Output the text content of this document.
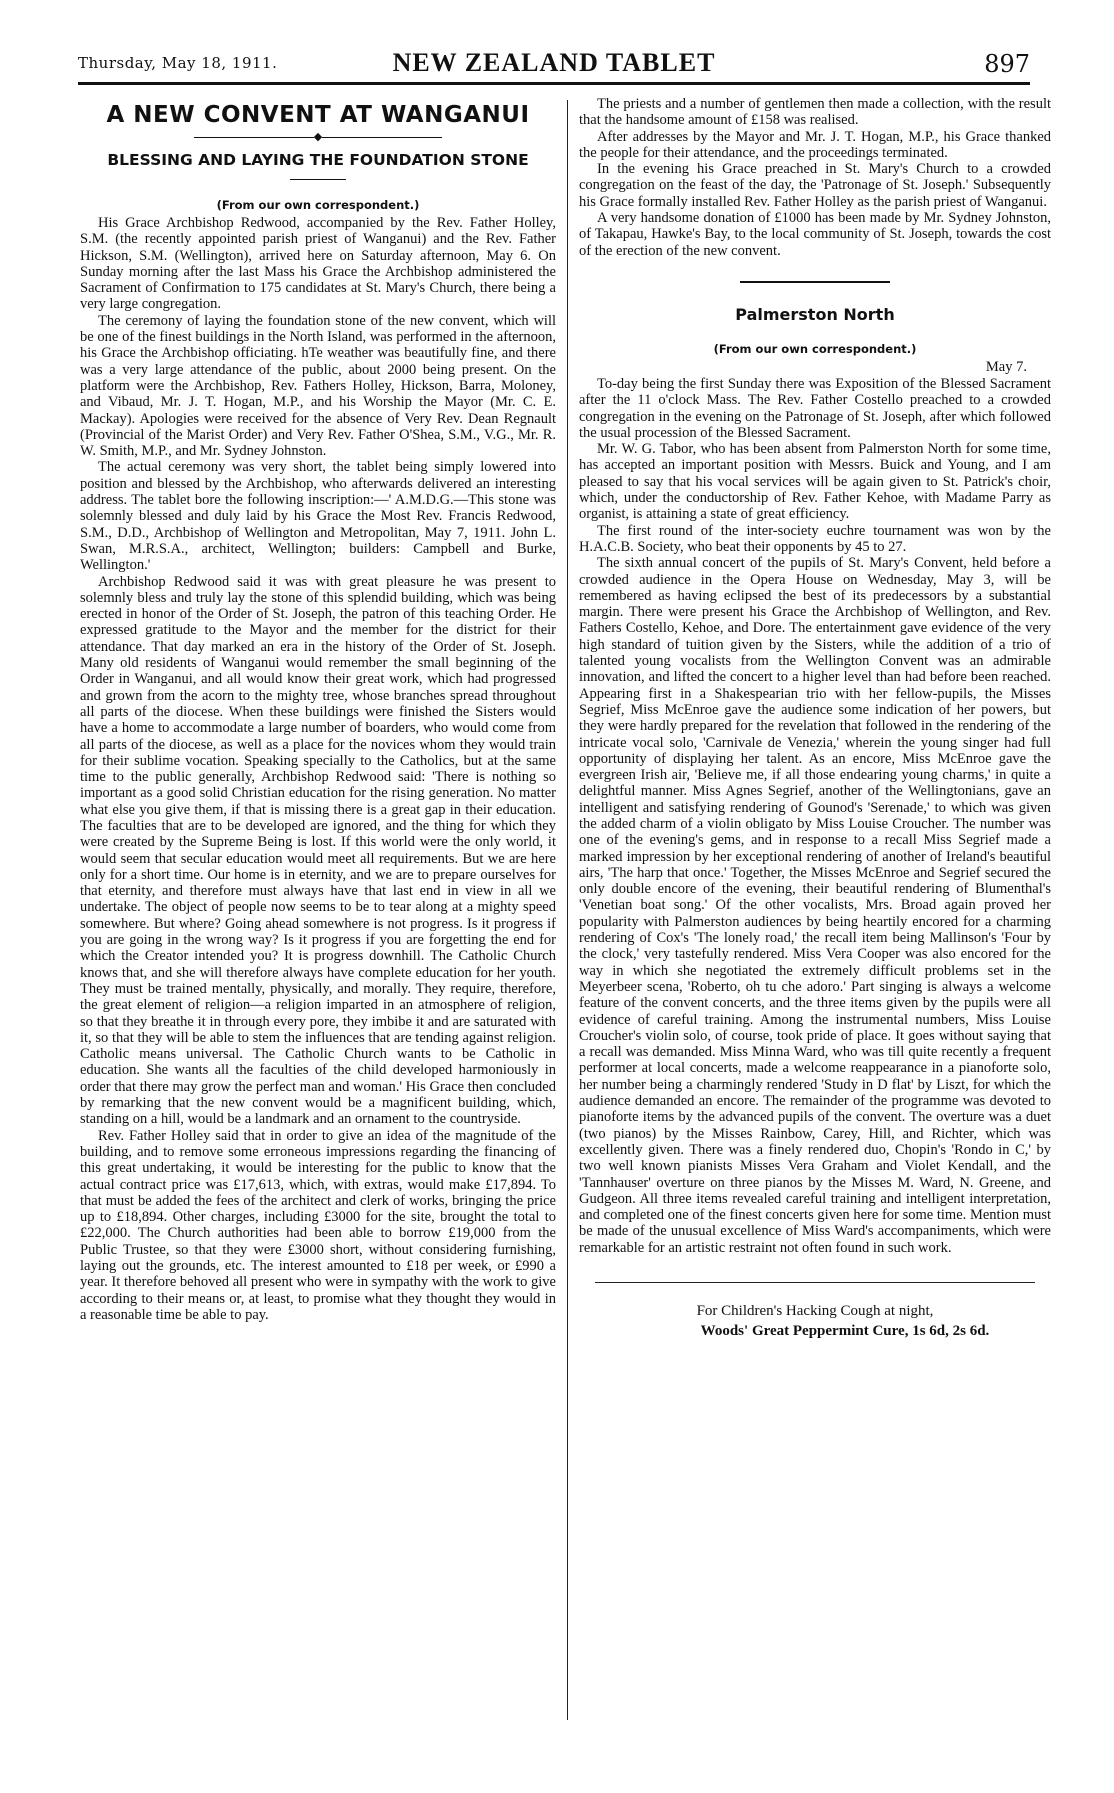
Thursday, May 18, 1911.	NEW ZEALAND TABLET	897
A NEW CONVENT AT WANGANUI
◆
BLESSING AND LAYING THE FOUNDATION STONE
(From our own correspondent.)

His Grace Archbishop Redwood, accompanied by the Rev. Father Holley, S.M. (the recently appointed parish priest of Wanganui) and the Rev. Father Hickson, S.M. (Wellington), arrived here on Saturday afternoon, May 6. On Sunday morning after the last Mass his Grace the Archbishop administered the Sacrament of Confirmation to 175 candidates at St. Mary's Church, there being a very large congregation.

The ceremony of laying the foundation stone of the new convent, which will be one of the finest buildings in the North Island, was performed in the afternoon, his Grace the Archbishop officiating. hTe weather was beautifully fine, and there was a very large attendance of the public, about 2000 being present. On the platform were the Archbishop, Rev. Fathers Holley, Hickson, Barra, Moloney, and Vibaud, Mr. J. T. Hogan, M.P., and his Worship the Mayor (Mr. C. E. Mackay). Apologies were received for the absence of Very Rev. Dean Regnault (Provincial of the Marist Order) and Very Rev. Father O'Shea, S.M., V.G., Mr. R. W. Smith, M.P., and Mr. Sydney Johnston.

The actual ceremony was very short, the tablet being simply lowered into position and blessed by the Archbishop, who afterwards delivered an interesting address. The tablet bore the following inscription:—' A.M.D.G.—This stone was solemnly blessed and duly laid by his Grace the Most Rev. Francis Redwood, S.M., D.D., Archbishop of Wellington and Metropolitan, May 7, 1911. John L. Swan, M.R.S.A., architect, Wellington; builders: Campbell and Burke, Wellington.'

Archbishop Redwood said it was with great pleasure he was present to solemnly bless and truly lay the stone of this splendid building, which was being erected in honor of the Order of St. Joseph, the patron of this teaching Order. He expressed gratitude to the Mayor and the member for the district for their attendance. That day marked an era in the history of the Order of St. Joseph. Many old residents of Wanganui would remember the small beginning of the Order in Wanganui, and all would know their great work, which had progressed and grown from the acorn to the mighty tree, whose branches spread throughout all parts of the diocese. When these buildings were finished the Sisters would have a home to accommodate a large number of boarders, who would come from all parts of the diocese, as well as a place for the novices whom they would train for their sublime vocation. Speaking specially to the Catholics, but at the same time to the public generally, Archbishop Redwood said: 'There is nothing so important as a good solid Christian education for the rising generation. No matter what else you give them, if that is missing there is a great gap in their education. The faculties that are to be developed are ignored, and the thing for which they were created by the Supreme Being is lost. If this world were the only world, it would seem that secular education would meet all requirements. But we are here only for a short time. Our home is in eternity, and we are to prepare ourselves for that eternity, and therefore must always have that last end in view in all we undertake. The object of people now seems to be to tear along at a mighty speed somewhere. But where? Going ahead somewhere is not progress. Is it progress if you are going in the wrong way? Is it progress if you are forgetting the end for which the Creator intended you? It is progress downhill. The Catholic Church knows that, and she will therefore always have complete education for her youth. They must be trained mentally, physically, and morally. They require, therefore, the great element of religion—a religion imparted in an atmosphere of religion, so that they breathe it in through every pore, they imbibe it and are saturated with it, so that they will be able to stem the influences that are tending against religion. Catholic means universal. The Catholic Church wants to be Catholic in education. She wants all the faculties of the child developed harmoniously in order that there may grow the perfect man and woman.' His Grace then concluded by remarking that the new convent would be a magnificent building, which, standing on a hill, would be a landmark and an ornament to the countryside.

Rev. Father Holley said that in order to give an idea of the magnitude of the building, and to remove some erroneous impressions regarding the financing of this great undertaking, it would be interesting for the public to know that the actual contract price was £17,613, which, with extras, would make £17,894. To that must be added the fees of the architect and clerk of works, bringing the price up to £18,894. Other charges, including £3000 for the site, brought the total to £22,000. The Church authorities had been able to borrow £19,000 from the Public Trustee, so that they were £3000 short, without considering furnishing, laying out the grounds, etc. The interest amounted to £18 per week, or £990 a year. It therefore behoved all present who were in sympathy with the work to give according to their means or, at least, to promise what they thought they would in a reasonable time be able to pay.

The priests and a number of gentlemen then made a collection, with the result that the handsome amount of £158 was realised.

After addresses by the Mayor and Mr. J. T. Hogan, M.P., his Grace thanked the people for their attendance, and the proceedings terminated.

In the evening his Grace preached in St. Mary's Church to a crowded congregation on the feast of the day, the 'Patronage of St. Joseph.' Subsequently his Grace formally installed Rev. Father Holley as the parish priest of Wanganui.

A very handsome donation of £1000 has been made by Mr. Sydney Johnston, of Takapau, Hawke's Bay, to the local community of St. Joseph, towards the cost of the erection of the new convent.

Palmerston North
(From our own correspondent.)
May 7.

To-day being the first Sunday there was Exposition of the Blessed Sacrament after the 11 o'clock Mass. The Rev. Father Costello preached to a crowded congregation in the evening on the Patronage of St. Joseph, after which followed the usual procession of the Blessed Sacrament.

Mr. W. G. Tabor, who has been absent from Palmerston North for some time, has accepted an important position with Messrs. Buick and Young, and I am pleased to say that his vocal services will be again given to St. Patrick's choir, which, under the conductorship of Rev. Father Kehoe, with Madame Parry as organist, is attaining a state of great efficiency.

The first round of the inter-society euchre tournament was won by the H.A.C.B. Society, who beat their opponents by 45 to 27.

The sixth annual concert of the pupils of St. Mary's Convent, held before a crowded audience in the Opera House on Wednesday, May 3, will be remembered as having eclipsed the best of its predecessors by a substantial margin. There were present his Grace the Archbishop of Wellington, and Rev. Fathers Costello, Kehoe, and Dore. The entertainment gave evidence of the very high standard of tuition given by the Sisters, while the addition of a trio of talented young vocalists from the Wellington Convent was an admirable innovation, and lifted the concert to a higher level than had before been reached. Appearing first in a Shakespearian trio with her fellow-pupils, the Misses Segrief, Miss McEnroe gave the audience some indication of her powers, but they were hardly prepared for the revelation that followed in the rendering of the intricate vocal solo, 'Carnivale de Venezia,' wherein the young singer had full opportunity of displaying her talent. As an encore, Miss McEnroe gave the evergreen Irish air, 'Believe me, if all those endearing young charms,' in quite a delightful manner. Miss Agnes Segrief, another of the Wellingtonians, gave an intelligent and satisfying rendering of Gounod's 'Serenade,' to which was given the added charm of a violin obligato by Miss Louise Croucher. The number was one of the evening's gems, and in response to a recall Miss Segrief made a marked impression by her exceptional rendering of another of Ireland's beautiful airs, 'The harp that once.' Together, the Misses McEnroe and Segrief secured the only double encore of the evening, their beautiful rendering of Blumenthal's 'Venetian boat song.' Of the other vocalists, Mrs. Broad again proved her popularity with Palmerston audiences by being heartily encored for a charming rendering of Cox's 'The lonely road,' the recall item being Mallinson's 'Four by the clock,' very tastefully rendered. Miss Vera Cooper was also encored for the way in which she negotiated the extremely difficult problems set in the Meyerbeer scena, 'Roberto, oh tu che adoro.' Part singing is always a welcome feature of the convent concerts, and the three items given by the pupils were all evidence of careful training. Among the instrumental numbers, Miss Louise Croucher's violin solo, of course, took pride of place. It goes without saying that a recall was demanded. Miss Minna Ward, who was till quite recently a frequent performer at local concerts, made a welcome reappearance in a pianoforte solo, her number being a charmingly rendered 'Study in D flat' by Liszt, for which the audience demanded an encore. The remainder of the programme was devoted to pianoforte items by the advanced pupils of the convent. The overture was a duet (two pianos) by the Misses Rainbow, Carey, Hill, and Richter, which was excellently given. There was a finely rendered duo, Chopin's 'Rondo in C,' by two well known pianists Misses Vera Graham and Violet Kendall, and the 'Tannhauser' overture on three pianos by the Misses M. Ward, N. Greene, and Gudgeon. All three items revealed careful training and intelligent interpretation, and completed one of the finest concerts given here for some time. Mention must be made of the unusual excellence of Miss Ward's accompaniments, which were remarkable for an artistic restraint not often found in such work.

For Children's Hacking Cough at night,
Woods' Great Peppermint Cure, 1s 6d, 2s 6d.
